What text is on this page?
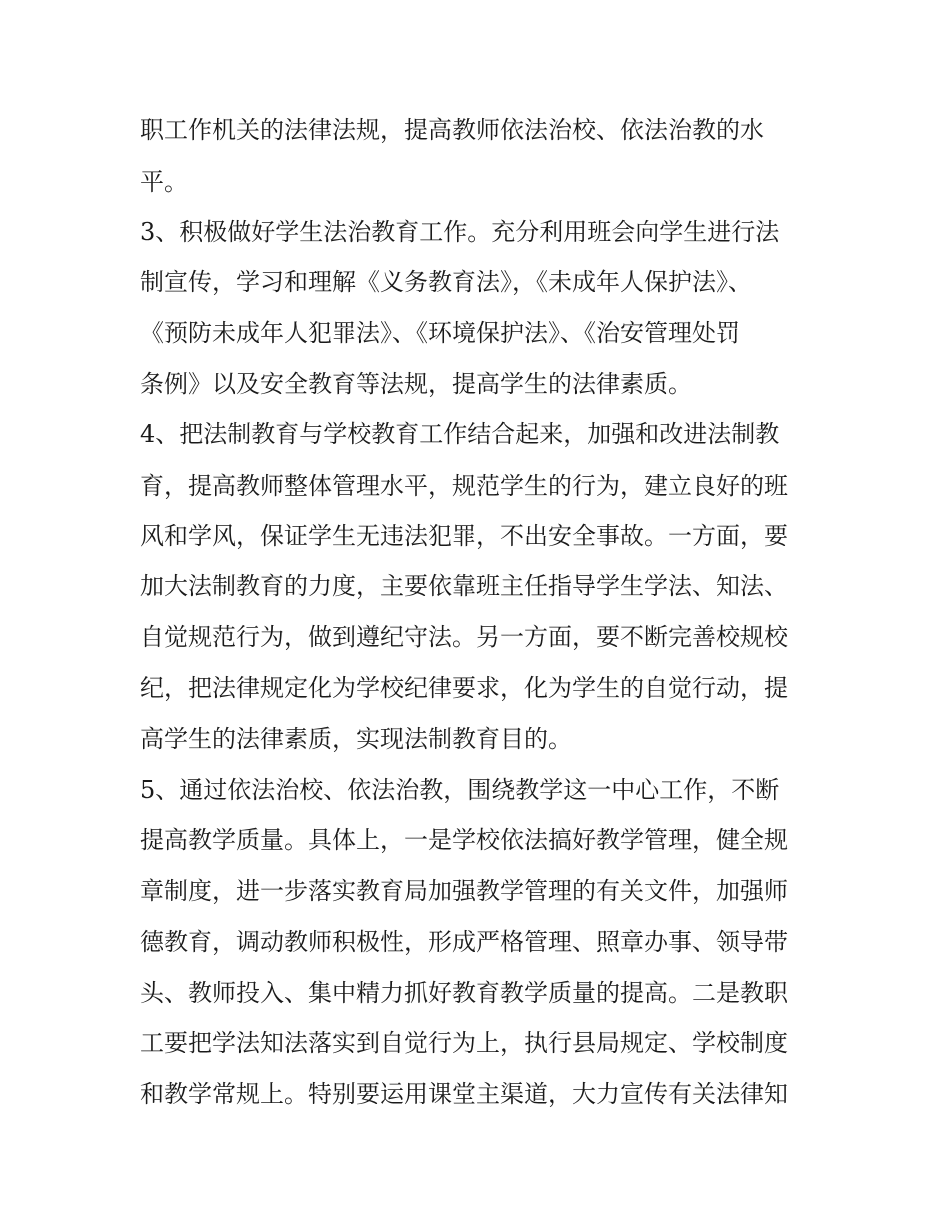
职工作机关的法律法规，提高教师依法治校、依法治教的水
平。
3、积极做好学生法治教育工作。充分利用班会向学生进行法
制宣传，学习和理解《义务教育法》，《未成年人保护法》、
《预防未成年人犯罪法》、《环境保护法》、《治安管理处罚
条例》以及安全教育等法规，提高学生的法律素质。
4、把法制教育与学校教育工作结合起来，加强和改进法制教
育，提高教师整体管理水平，规范学生的行为，建立良好的班
风和学风，保证学生无违法犯罪，不出安全事故。一方面，要
加大法制教育的力度，主要依靠班主任指导学生学法、知法、
自觉规范行为，做到遵纪守法。另一方面，要不断完善校规校
纪，把法律规定化为学校纪律要求，化为学生的自觉行动，提
高学生的法律素质，实现法制教育目的。
5、通过依法治校、依法治教，围绕教学这一中心工作，不断
提高教学质量。具体上，一是学校依法搞好教学管理，健全规
章制度，进一步落实教育局加强教学管理的有关文件，加强师
德教育，调动教师积极性，形成严格管理、照章办事、领导带
头、教师投入、集中精力抓好教育教学质量的提高。二是教职
工要把学法知法落实到自觉行为上，执行县局规定、学校制度
和教学常规上。特别要运用课堂主渠道，大力宣传有关法律知
